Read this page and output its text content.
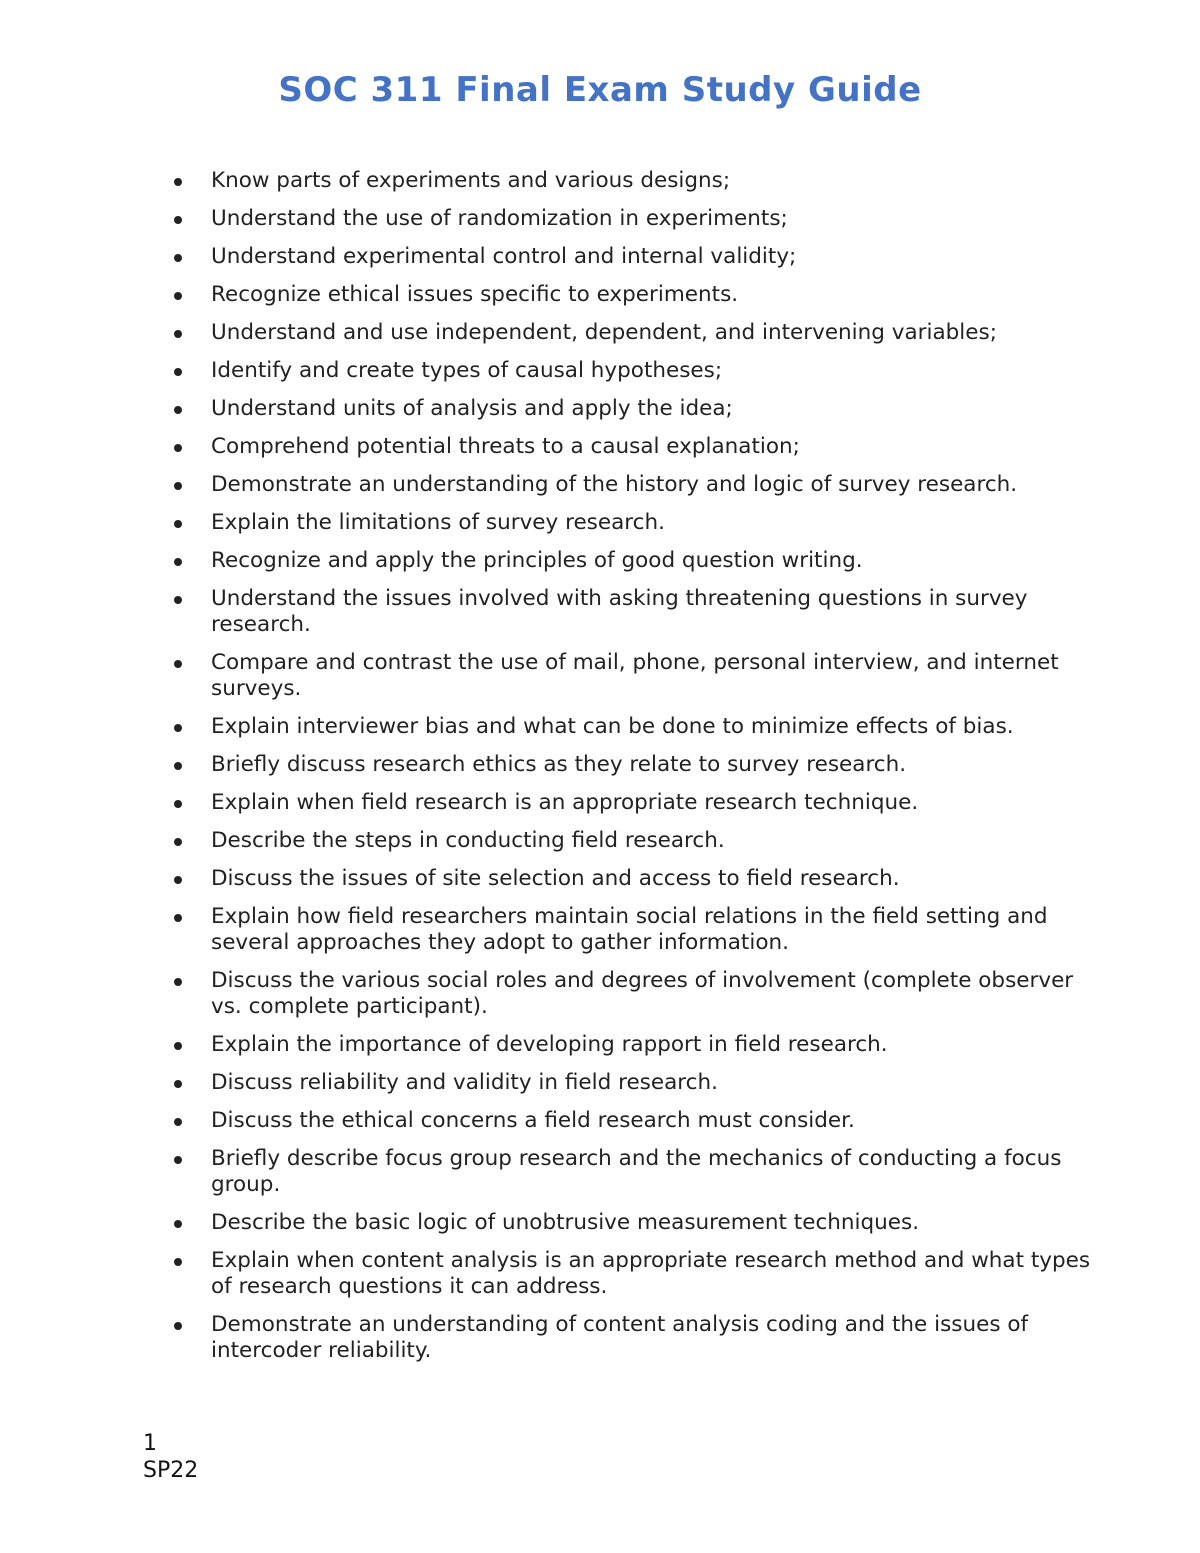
SOC 311 Final Exam Study Guide
Know parts of experiments and various designs;
Understand the use of randomization in experiments;
Understand experimental control and internal validity;
Recognize ethical issues specific to experiments.
Understand and use independent, dependent, and intervening variables;
Identify and create types of causal hypotheses;
Understand units of analysis and apply the idea;
Comprehend potential threats to a causal explanation;
Demonstrate an understanding of the history and logic of survey research.
Explain the limitations of survey research.
Recognize and apply the principles of good question writing.
Understand the issues involved with asking threatening questions in survey research.
Compare and contrast the use of mail, phone, personal interview, and internet surveys.
Explain interviewer bias and what can be done to minimize effects of bias.
Briefly discuss research ethics as they relate to survey research.
Explain when field research is an appropriate research technique.
Describe the steps in conducting field research.
Discuss the issues of site selection and access to field research.
Explain how field researchers maintain social relations in the field setting and several approaches they adopt to gather information.
Discuss the various social roles and degrees of involvement (complete observer vs. complete participant).
Explain the importance of developing rapport in field research.
Discuss reliability and validity in field research.
Discuss the ethical concerns a field research must consider.
Briefly describe focus group research and the mechanics of conducting a focus group.
Describe the basic logic of unobtrusive measurement techniques.
Explain when content analysis is an appropriate research method and what types of research questions it can address.
Demonstrate an understanding of content analysis coding and the issues of intercoder reliability.
1
SP22
